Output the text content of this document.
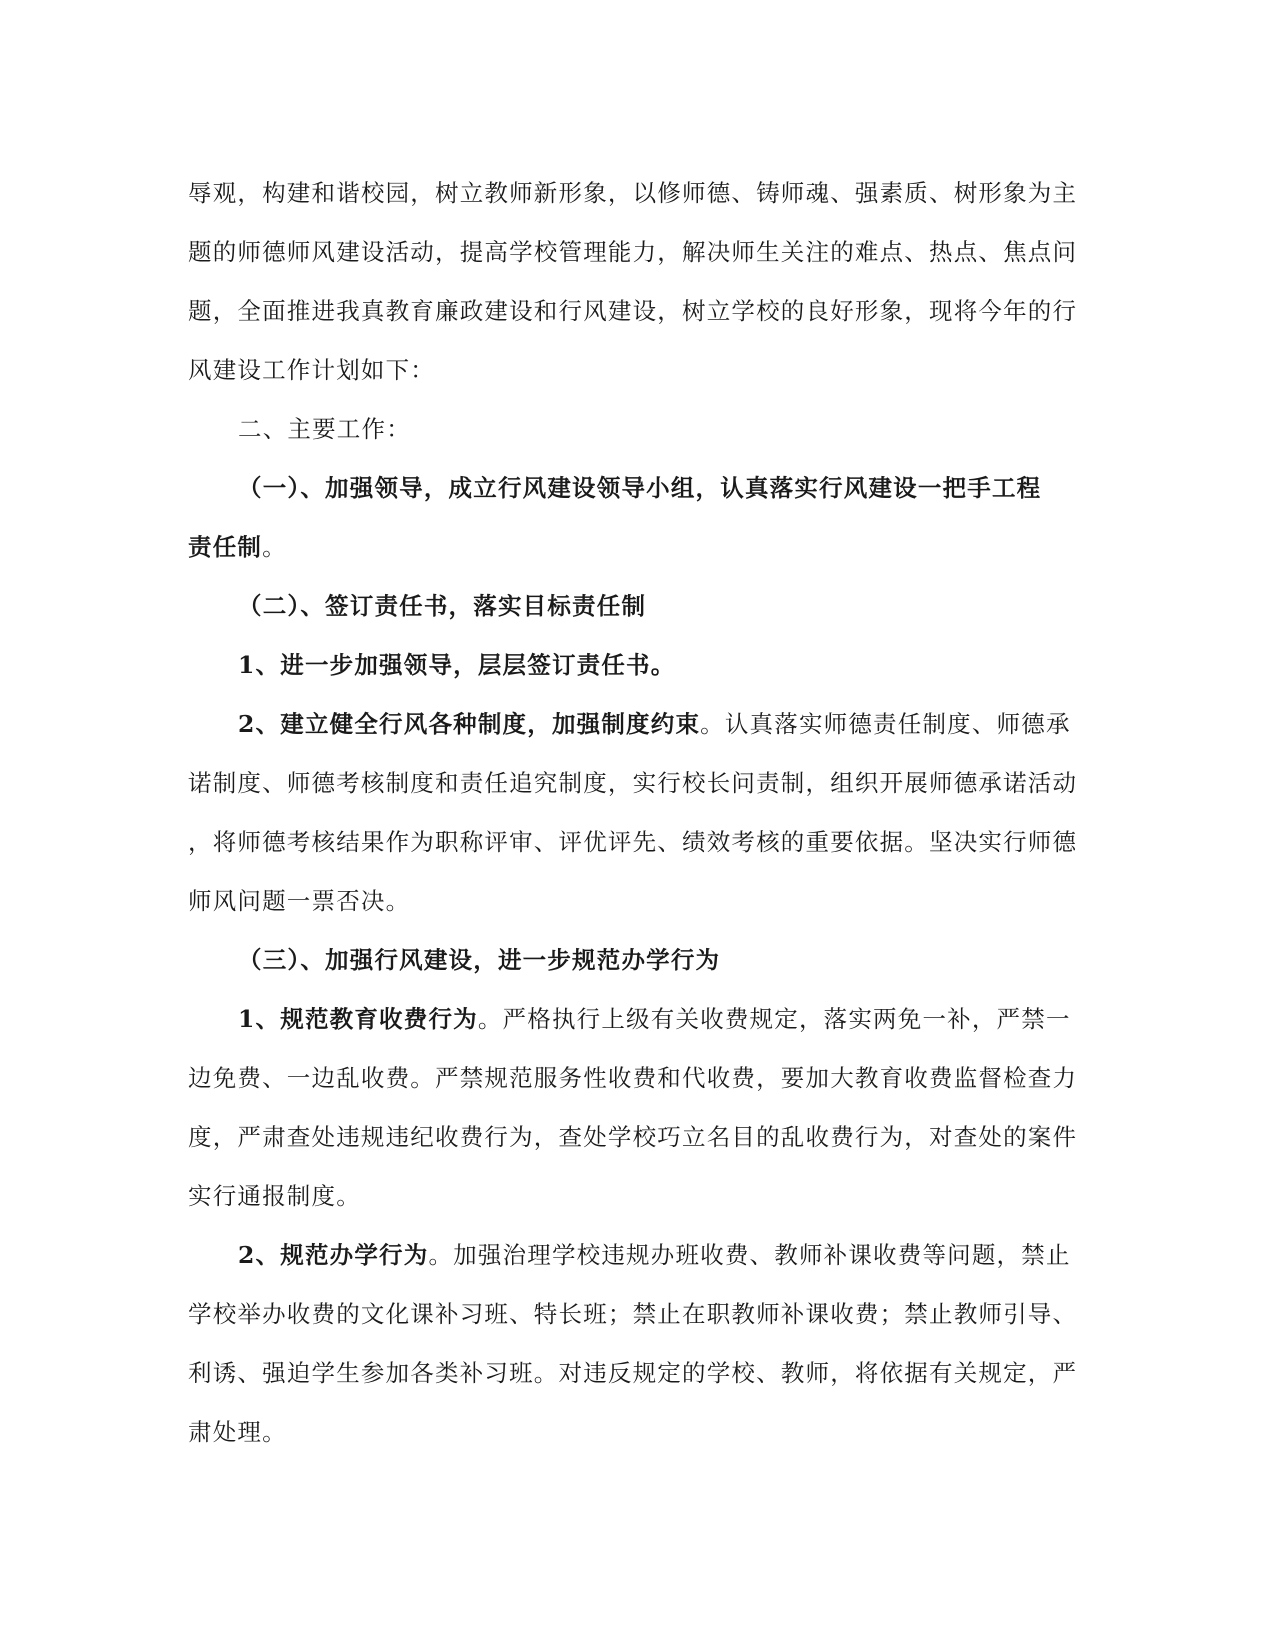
辱观，构建和谐校园，树立教师新形象，以修师德、铸师魂、强素质、树形象为主
题的师德师风建设活动，提高学校管理能力，解决师生关注的难点、热点、焦点问
题，全面推进我真教育廉政建设和行风建设，树立学校的良好形象，现将今年的行
风建设工作计划如下：
二、主要工作：
（一）、加强领导，成立行风建设领导小组，认真落实行风建设一把手工程
责任制。
（二）、签订责任书，落实目标责任制
1、进一步加强领导，层层签订责任书。
2、建立健全行风各种制度，加强制度约束。认真落实师德责任制度、师德承
诺制度、师德考核制度和责任追究制度，实行校长问责制，组织开展师德承诺活动
，将师德考核结果作为职称评审、评优评先、绩效考核的重要依据。坚决实行师德
师风问题一票否决。
（三）、加强行风建设，进一步规范办学行为
1、规范教育收费行为。严格执行上级有关收费规定，落实两免一补，严禁一
边免费、一边乱收费。严禁规范服务性收费和代收费，要加大教育收费监督检查力
度，严肃查处违规违纪收费行为，查处学校巧立名目的乱收费行为，对查处的案件
实行通报制度。
2、规范办学行为。加强治理学校违规办班收费、教师补课收费等问题，禁止
学校举办收费的文化课补习班、特长班；禁止在职教师补课收费；禁止教师引导、
利诱、强迫学生参加各类补习班。对违反规定的学校、教师，将依据有关规定，严
肃处理。
